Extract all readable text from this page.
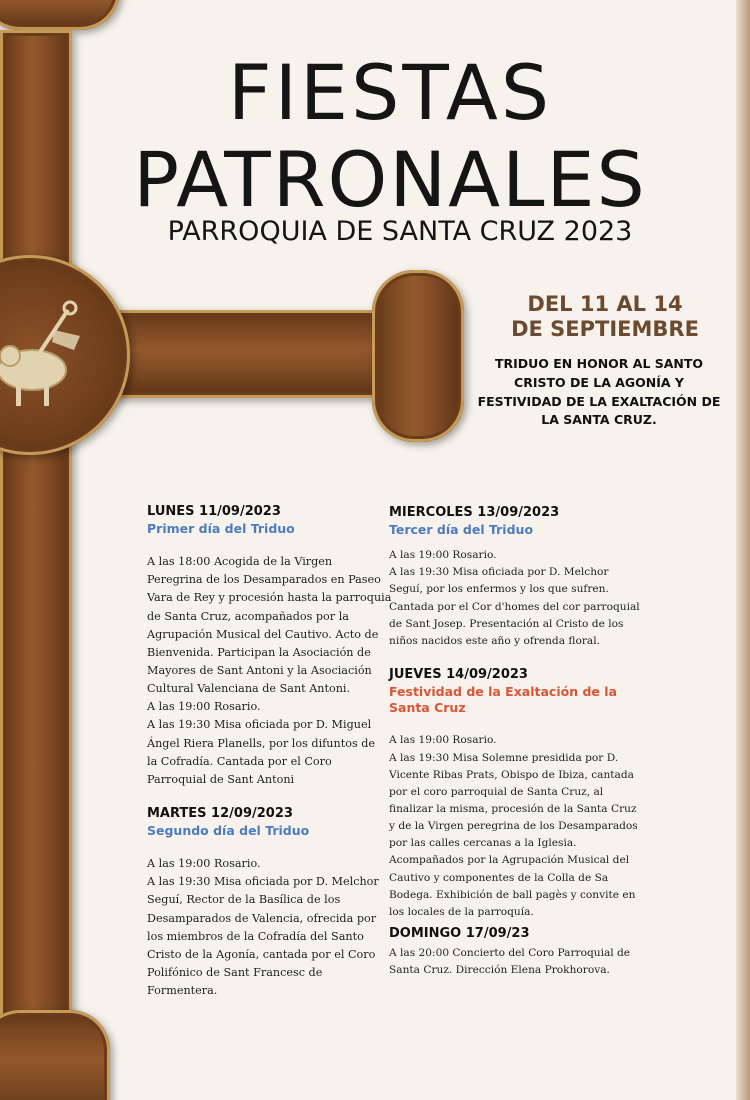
FIESTAS
PATRONALES
PARROQUIA DE SANTA CRUZ 2023
DEL 11 AL 14
DE SEPTIEMBRE
TRIDUO EN HONOR AL SANTO
CRISTO DE LA AGONÍA Y
FESTIVIDAD DE LA EXALTACIÓN DE
LA SANTA CRUZ.

LUNES 11/09/2023

Primer día del Triduo

A las 18:00 Acogida de la Virgen
Peregrina de los Desamparados en Paseo
Vara de Rey y procesión hasta la parroquia
de Santa Cruz, acompañados por la
Agrupación Musical del Cautivo. Acto de
Bienvenida. Participan la Asociación de
Mayores de Sant Antoni y la Asociación
Cultural Valenciana de Sant Antoni.
A las 19:00 Rosario.
A las 19:30 Misa oficiada por D. Miguel
Ángel Riera Planells, por los difuntos de
la Cofradía. Cantada por el Coro
Parroquial de Sant Antoni

MARTES 12/09/2023

Segundo día del Triduo

A las 19:00 Rosario.
A las 19:30 Misa oficiada por D. Melchor
Seguí, Rector de la Basílica de los
Desamparados de Valencia, ofrecida por
los miembros de la Cofradía del Santo
Cristo de la Agonía, cantada por el Coro
Polifónico de Sant Francesc de
Formentera.

MIERCOLES 13/09/2023

Tercer día del Triduo

A las 19:00 Rosario.
A las 19:30 Misa oficiada por D. Melchor
Seguí, por los enfermos y los que sufren.
Cantada por el Cor d'homes del cor parroquial
de Sant Josep. Presentación al Cristo de los
niños nacidos este año y ofrenda floral.

JUEVES 14/09/2023

Festividad de la Exaltación de la

Santa Cruz

A las 19:00 Rosario.
A las 19:30 Misa Solemne presidida por D.
Vicente Ribas Prats, Obispo de Ibiza, cantada
por el coro parroquial de Santa Cruz, al
finalizar la misma, procesión de la Santa Cruz
y de la Virgen peregrina de los Desamparados
por las calles cercanas a la Iglesia.
Acompañados por la Agrupación Musical del
Cautivo y componentes de la Colla de Sa
Bodega. Exhibición de ball pagès y convite en
los locales de la parroquía.

DOMINGO 17/09/23

A las 20:00 Concierto del Coro Parroquial de
Santa Cruz. Dirección Elena Prokhorova.
